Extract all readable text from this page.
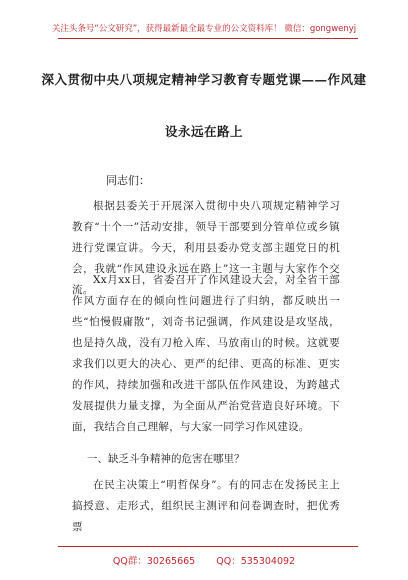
关注头条号“公文研究”，获得最新最全最专业的公文资料库！ 微信：gongwenyj
深入贯彻中央八项规定精神学习教育专题党课——作风建
设永远在路上
同志们：

根据县委关于开展深入贯彻中央八项规定精神学习教育“十个一”活动安排，领导干部要到分管单位或乡镇进行党课宣讲。今天，利用县委办党支部主题党日的机会，我就“作风建设永远在路上”这一主题与大家作个交流。

Xx月xx日，省委召开了作风建设大会，对全省干部作风方面存在的倾向性问题进行了归纳，都反映出一些“怕慢假庸散”，刘奇书记强调，作风建设是攻坚战，也是持久战，没有刀枪入库、马放南山的时候。这就要求我们以更大的决心、更严的纪律、更高的标准、更实的作风，持续加强和改进干部队伍作风建设，为跨越式发展提供力量支撑，为全面从严治党营造良好环境。下面，我结合自己理解，与大家一同学习作风建设。

一、缺乏斗争精神的危害在哪里？

在民主决策上“明哲保身”。有的同志在发扬民主上搞授意、走形式，组织民主测评和问卷调查时，把优秀票

QQ群：30265665 QQ：535304092
